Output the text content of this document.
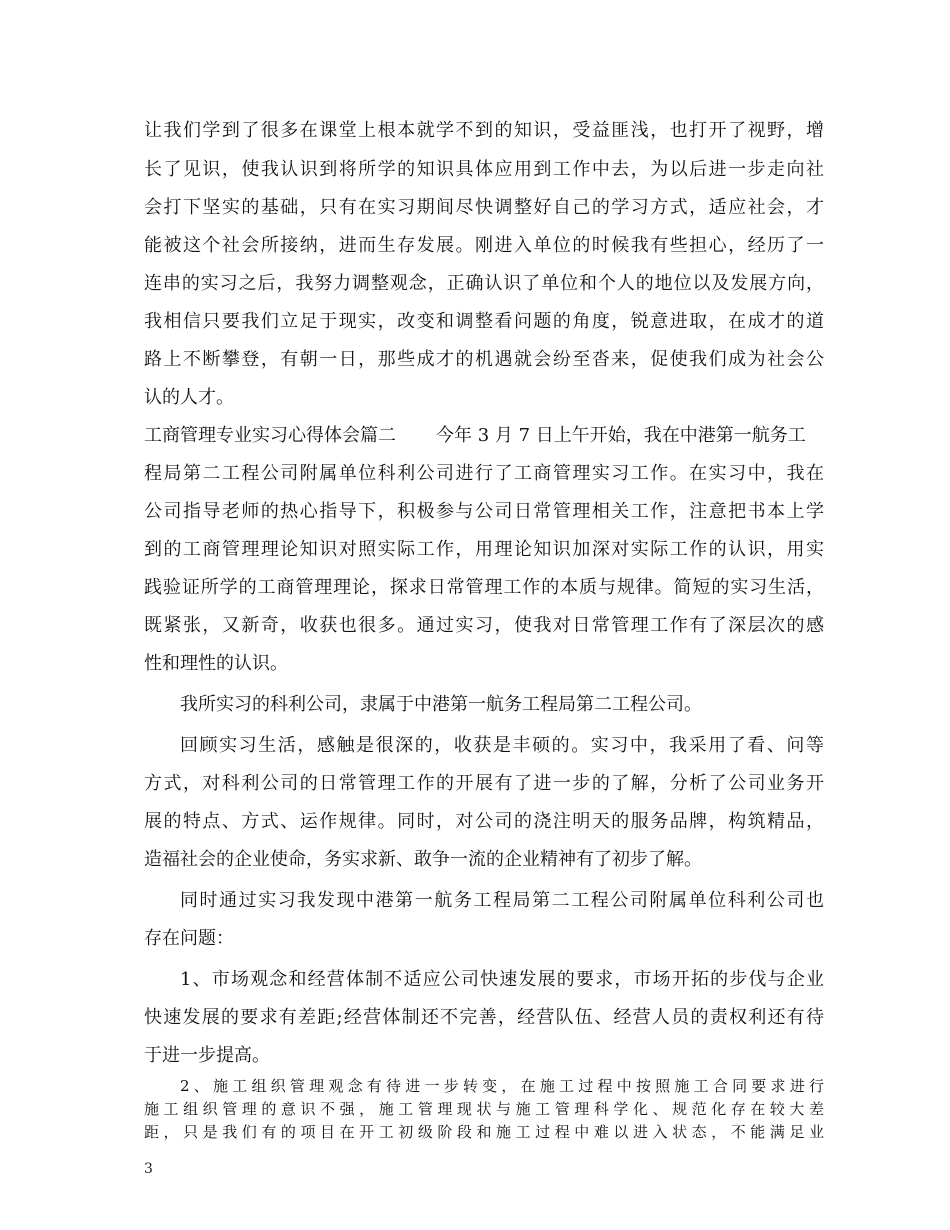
让我们学到了很多在课堂上根本就学不到的知识，受益匪浅，也打开了视野，增
长了见识，使我认识到将所学的知识具体应用到工作中去，为以后进一步走向社
会打下坚实的基础，只有在实习期间尽快调整好自己的学习方式，适应社会，才
能被这个社会所接纳，进而生存发展。刚进入单位的时候我有些担心，经历了一
连串的实习之后，我努力调整观念，正确认识了单位和个人的地位以及发展方向，
我相信只要我们立足于现实，改变和调整看问题的角度，锐意进取，在成才的道
路上不断攀登，有朝一日，那些成才的机遇就会纷至沓来，促使我们成为社会公
认的人才。
工商管理专业实习心得体会篇二 今年 3 月 7 日上午开始，我在中港第一航务工
程局第二工程公司附属单位科利公司进行了工商管理实习工作。在实习中，我在
公司指导老师的热心指导下，积极参与公司日常管理相关工作，注意把书本上学
到的工商管理理论知识对照实际工作，用理论知识加深对实际工作的认识，用实
践验证所学的工商管理理论，探求日常管理工作的本质与规律。简短的实习生活，
既紧张，又新奇，收获也很多。通过实习，使我对日常管理工作有了深层次的感
性和理性的认识。
我所实习的科利公司，隶属于中港第一航务工程局第二工程公司。
回顾实习生活，感触是很深的，收获是丰硕的。实习中，我采用了看、问等
方式，对科利公司的日常管理工作的开展有了进一步的了解，分析了公司业务开
展的特点、方式、运作规律。同时，对公司的浇注明天的服务品牌，构筑精品，
造福社会的企业使命，务实求新、敢争一流的企业精神有了初步了解。
同时通过实习我发现中港第一航务工程局第二工程公司附属单位科利公司也
存在问题：
1、市场观念和经营体制不适应公司快速发展的要求，市场开拓的步伐与企业
快速发展的要求有差距;经营体制还不完善，经营队伍、经营人员的责权利还有待
于进一步提高。
2、施工组织管理观念有待进一步转变，在施工过程中按照施工合同要求进行
施工组织管理的意识不强，施工管理现状与施工管理科学化、规范化存在较大差
距，只是我们有的项目在开工初级阶段和施工过程中难以进入状态，不能满足业
3
